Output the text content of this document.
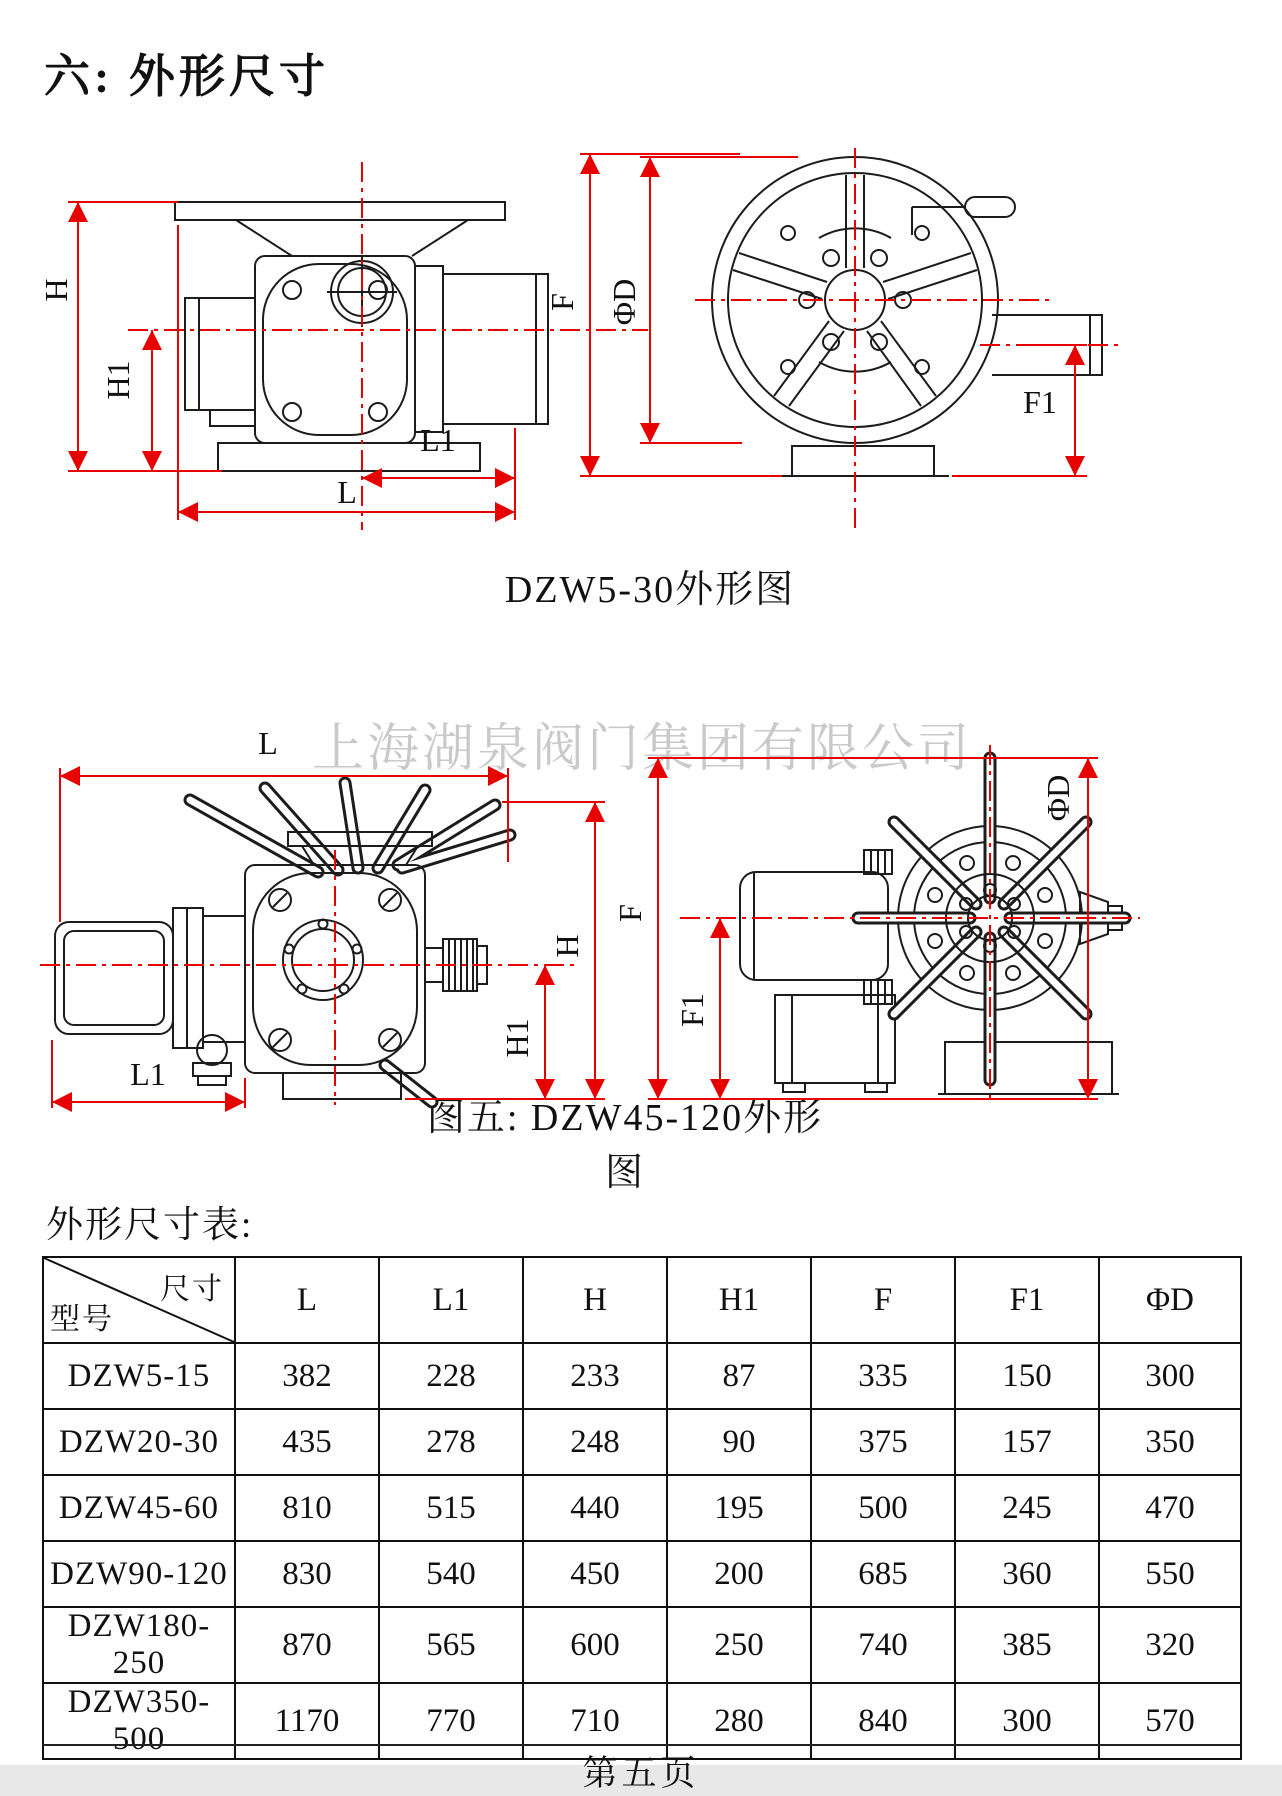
六: 外形尺寸
H
H1
L1
L
F ΦD
F1
DZW5-30外形图
上海湖泉阀门集团有限公司
L
L1
H
H1
F
F1
ΦD
图五: DZW45-120外形图
外形尺寸表:
尺寸
型号	L	L1	H	H1	F	F1	ΦD
DZW5-15	382	228	233	87	335	150	300
DZW20-30	435	278	248	90	375	157	350
DZW45-60	810	515	440	195	500	245	470
DZW90-120	830	540	450	200	685	360	550
DZW180-250	870	565	600	250	740	385	320
DZW350-500	1170	770	710	280	840	300	570
第五页
